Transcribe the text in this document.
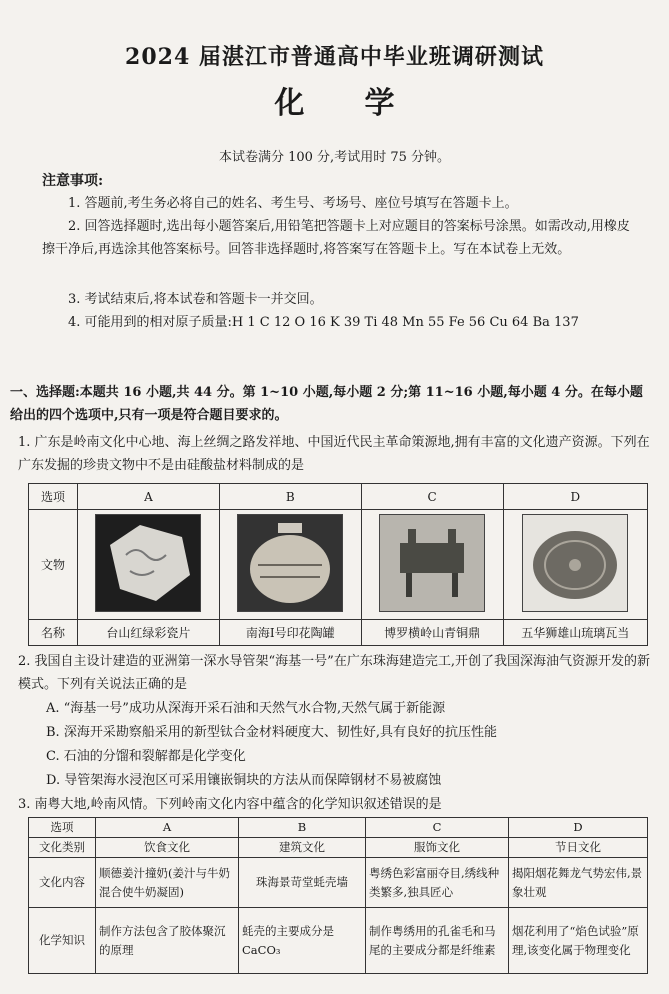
2024 届湛江市普通高中毕业班调研测试
化学
本试卷满分 100 分,考试用时 75 分钟。
注意事项:
1. 答题前,考生务必将自己的姓名、考生号、考场号、座位号填写在答题卡上。
2. 回答选择题时,选出每小题答案后,用铅笔把答题卡上对应题目的答案标号涂黑。如需改动,用橡皮擦干净后,再选涂其他答案标号。回答非选择题时,将答案写在答题卡上。写在本试卷上无效。
3. 考试结束后,将本试卷和答题卡一并交回。
4. 可能用到的相对原子质量:H 1 C 12 O 16 K 39 Ti 48 Mn 55 Fe 56 Cu 64 Ba 137
一、选择题:本题共 16 小题,共 44 分。第 1~10 小题,每小题 2 分;第 11~16 小题,每小题 4 分。在每小题给出的四个选项中,只有一项是符合题目要求的。
1. 广东是岭南文化中心地、海上丝绸之路发祥地、中国近代民主革命策源地,拥有丰富的文化遗产资源。下列在广东发掘的珍贵文物中不是由硅酸盐材料制成的是
选项	A	B	C	D
文物				
名称	台山红绿彩瓷片	南海Ⅰ号印花陶罐	博罗横岭山青铜鼎	五华狮雄山琉璃瓦当
2. 我国自主设计建造的亚洲第一深水导管架“海基一号”在广东珠海建造完工,开创了我国深海油气资源开发的新模式。下列有关说法正确的是
A. “海基一号”成功从深海开采石油和天然气水合物,天然气属于新能源
B. 深海开采勘察船采用的新型钛合金材料硬度大、韧性好,具有良好的抗压性能
C. 石油的分馏和裂解都是化学变化
D. 导管架海水浸泡区可采用镶嵌铜块的方法从而保障钢材不易被腐蚀
3. 南粤大地,岭南风情。下列岭南文化内容中蕴含的化学知识叙述错误的是
选项	A	B	C	D
文化类别	饮食文化	建筑文化	服饰文化	节日文化
文化内容	顺德姜汁撞奶(姜汁与牛奶混合使牛奶凝固)	珠海景苛堂蚝壳墙	粤绣色彩富丽夺目,绣线种类繁多,独具匠心	揭阳烟花舞龙气势宏伟,景象壮观
化学知识	制作方法包含了胶体聚沉的原理	蚝壳的主要成分是CaCO₃	制作粤绣用的孔雀毛和马尾的主要成分都是纤维素	烟花利用了“焰色试验”原理,该变化属于物理变化
